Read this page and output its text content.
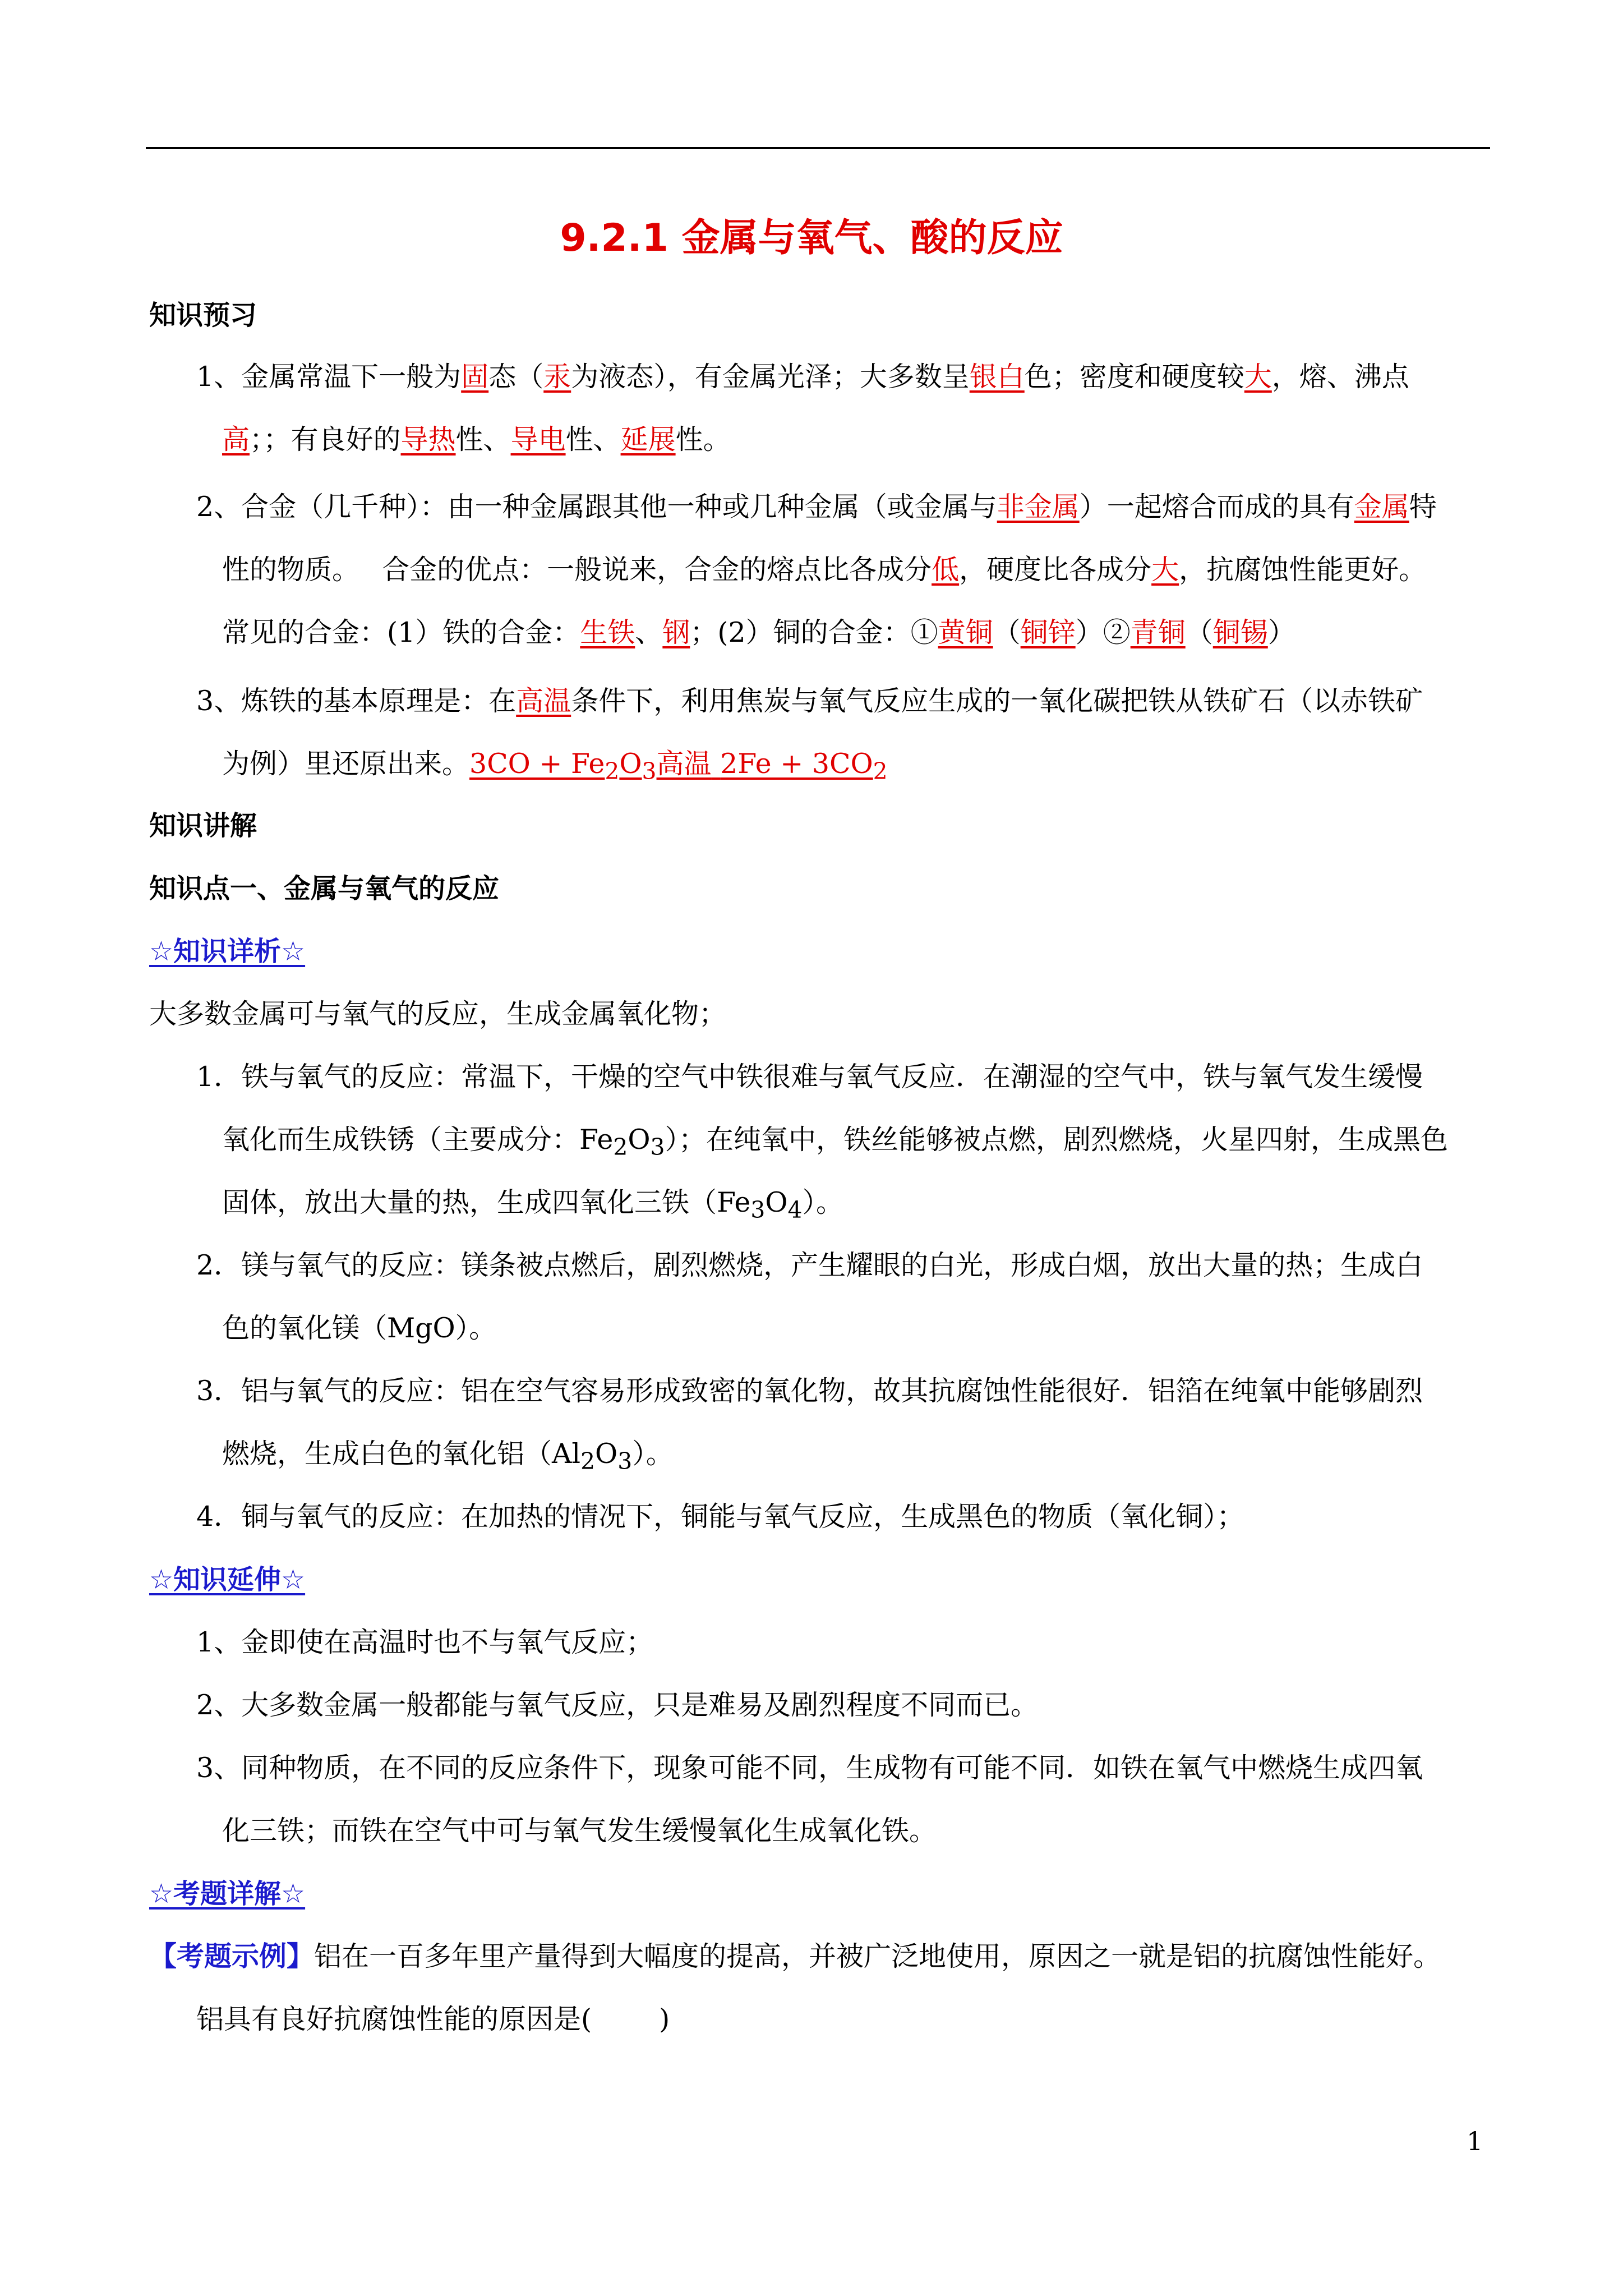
9.2.1 金属与氧气、酸的反应
知识预习
1、金属常温下一般为固态（汞为液态），有金属光泽；大多数呈银白色；密度和硬度较大，熔、沸点
高；；有良好的导热性、导电性、延展性。
2、合金（几千种）：由一种金属跟其他一种或几种金属（或金属与非金属）一起熔合而成的具有金属特
性的物质。　 合金的优点：一般说来，合金的熔点比各成分低，硬度比各成分大，抗腐蚀性能更好。
常见的合金：(1）铁的合金：生铁、钢；(2）铜的合金：①黄铜（铜锌）②青铜（铜锡）
3、炼铁的基本原理是：在高温条件下，利用焦炭与氧气反应生成的一氧化碳把铁从铁矿石（以赤铁矿
为例）里还原出来。$3CO + Fe_2O_3$高温 $2Fe + 3CO_2$
知识讲解
知识点一、金属与氧气的反应
☆知识详析☆
大多数金属可与氧气的反应，生成金属氧化物；
1．铁与氧气的反应：常温下，干燥的空气中铁很难与氧气反应．在潮湿的空气中，铁与氧气发生缓慢
氧化而生成铁锈（主要成分：$Fe_2O_3$）；在纯氧中，铁丝能够被点燃，剧烈燃烧，火星四射，生成黑色
固体，放出大量的热，生成四氧化三铁$(Fe_3O_4)$。
2．镁与氧气的反应：镁条被点燃后，剧烈燃烧，产生耀眼的白光，形成白烟，放出大量的热；生成白
色的氧化镁（MgO）。
3．铝与氧气的反应：铝在空气容易形成致密的氧化物，故其抗腐蚀性能很好．铝箔在纯氧中能够剧烈
燃烧，生成白色的氧化铝$(Al_2O_3)$。
4．铜与氧气的反应：在加热的情况下，铜能与氧气反应，生成黑色的物质（氧化铜）；
☆知识延伸☆
1、金即使在高温时也不与氧气反应；
2、大多数金属一般都能与氧气反应，只是难易及剧烈程度不同而已。
3、同种物质，在不同的反应条件下，现象可能不同，生成物有可能不同．如铁在氧气中燃烧生成四氧
化三铁；而铁在空气中可与氧气发生缓慢氧化生成氧化铁。
☆考题详解☆
【考题示例】铝在一百多年里产量得到大幅度的提高，并被广泛地使用，原因之一就是铝的抗腐蚀性能好。
铝具有良好抗腐蚀性能的原因是( )
1
